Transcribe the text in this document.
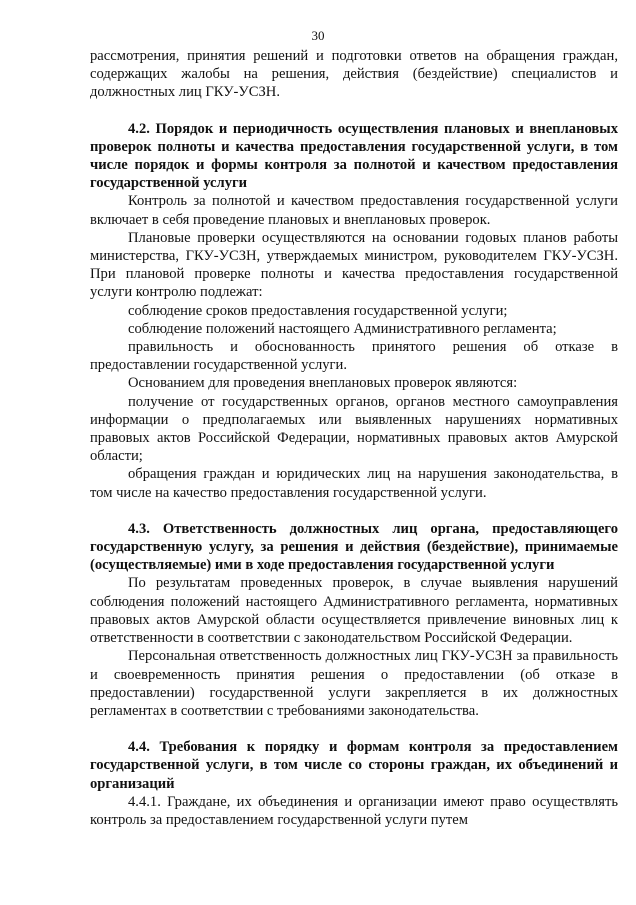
30

рассмотрения, принятия решений и подготовки ответов на обращения граждан, содержащих жалобы на решения, действия (бездействие) специалистов и должностных лиц ГКУ-УСЗН.

4.2. Порядок и периодичность осуществления плановых и внеплановых проверок полноты и качества предоставления государственной услуги, в том числе порядок и формы контроля за полнотой и качеством предоставления государственной услуги

Контроль за полнотой и качеством предоставления государственной услуги включает в себя проведение плановых и внеплановых проверок.

Плановые проверки осуществляются на основании годовых планов работы министерства, ГКУ-УСЗН, утверждаемых министром, руководителем ГКУ-УСЗН. При плановой проверке полноты и качества предоставления государственной услуги контролю подлежат:

соблюдение сроков предоставления государственной услуги;

соблюдение положений настоящего Административного регламента;

правильность и обоснованность принятого решения об отказе в предоставлении государственной услуги.

Основанием для проведения внеплановых проверок являются:

получение от государственных органов, органов местного самоуправления информации о предполагаемых или выявленных нарушениях нормативных правовых актов Российской Федерации, нормативных правовых актов Амурской области;

обращения граждан и юридических лиц на нарушения законодательства, в том числе на качество предоставления государственной услуги.

4.3. Ответственность должностных лиц органа, предоставляющего государственную услугу, за решения и действия (бездействие), принимаемые (осуществляемые) ими в ходе предоставления государственной услуги

По результатам проведенных проверок, в случае выявления нарушений соблюдения положений настоящего Административного регламента, нормативных правовых актов Амурской области осуществляется привлечение виновных лиц к ответственности в соответствии с законодательством Российской Федерации.

Персональная ответственность должностных лиц ГКУ-УСЗН за правильность и своевременность принятия решения о предоставлении (об отказе в предоставлении) государственной услуги закрепляется в их должностных регламентах в соответствии с требованиями законодательства.

4.4. Требования к порядку и формам контроля за предоставлением государственной услуги, в том числе со стороны граждан, их объединений и организаций

4.4.1. Граждане, их объединения и организации имеют право осуществлять контроль за предоставлением государственной услуги путем
